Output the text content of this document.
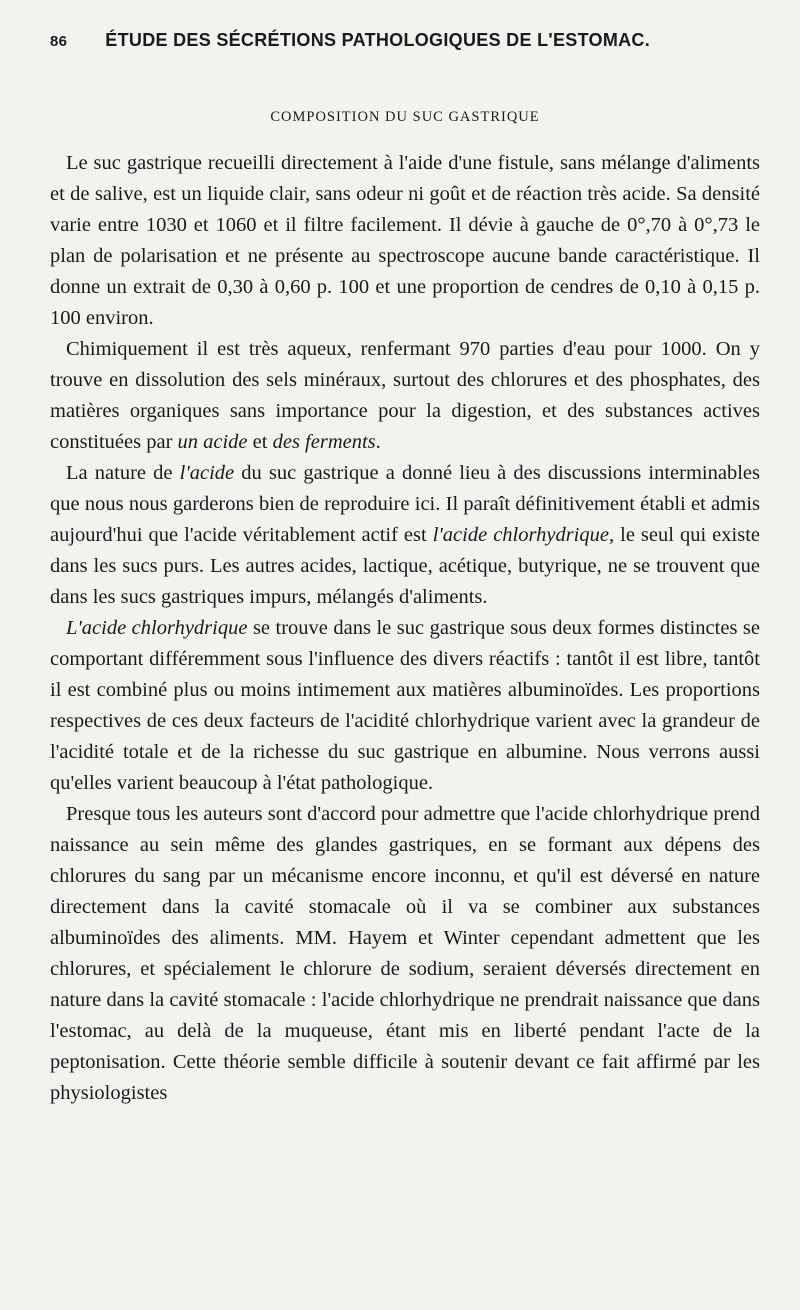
86 ÉTUDE DES SÉCRÉTIONS PATHOLOGIQUES DE L'ESTOMAC.
COMPOSITION DU SUC GASTRIQUE

Le suc gastrique recueilli directement à l'aide d'une fistule, sans mélange d'aliments et de salive, est un liquide clair, sans odeur ni goût et de réaction très acide. Sa densité varie entre 1030 et 1060 et il filtre facilement. Il dévie à gauche de 0°,70 à 0°,73 le plan de polarisation et ne présente au spectroscope aucune bande caractéristique. Il donne un extrait de 0,30 à 0,60 p. 100 et une proportion de cendres de 0,10 à 0,15 p. 100 environ.

Chimiquement il est très aqueux, renfermant 970 parties d'eau pour 1000. On y trouve en dissolution des sels minéraux, surtout des chlorures et des phosphates, des matières organiques sans importance pour la digestion, et des substances actives constituées par un acide et des ferments.

La nature de l'acide du suc gastrique a donné lieu à des discussions interminables que nous nous garderons bien de reproduire ici. Il paraît définitivement établi et admis aujourd'hui que l'acide véritablement actif est l'acide chlorhydrique, le seul qui existe dans les sucs purs. Les autres acides, lactique, acétique, butyrique, ne se trouvent que dans les sucs gastriques impurs, mélangés d'aliments.

L'acide chlorhydrique se trouve dans le suc gastrique sous deux formes distinctes se comportant différemment sous l'influence des divers réactifs : tantôt il est libre, tantôt il est combiné plus ou moins intimement aux matières albuminoïdes. Les proportions respectives de ces deux facteurs de l'acidité chlorhydrique varient avec la grandeur de l'acidité totale et de la richesse du suc gastrique en albumine. Nous verrons aussi qu'elles varient beaucoup à l'état pathologique.

Presque tous les auteurs sont d'accord pour admettre que l'acide chlorhydrique prend naissance au sein même des glandes gastriques, en se formant aux dépens des chlorures du sang par un mécanisme encore inconnu, et qu'il est déversé en nature directement dans la cavité stomacale où il va se combiner aux substances albuminoïdes des aliments. MM. Hayem et Winter cependant admettent que les chlorures, et spécialement le chlorure de sodium, seraient déversés directement en nature dans la cavité stomacale : l'acide chlorhydrique ne prendrait naissance que dans l'estomac, au delà de la muqueuse, étant mis en liberté pendant l'acte de la peptonisation. Cette théorie semble difficile à soutenir devant ce fait affirmé par les physiologistes
